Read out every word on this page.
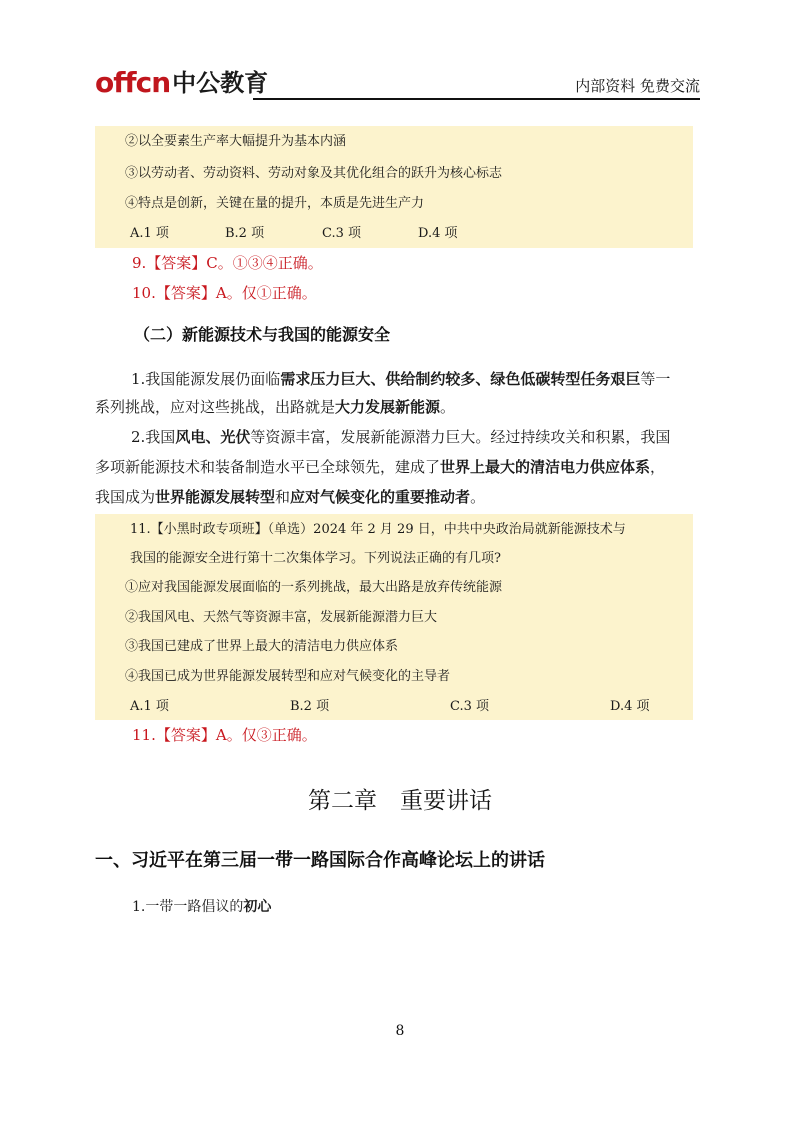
offcn 中公教育	内部资料 免费交流
②以全要素生产率大幅提升为基本内涵
③以劳动者、劳动资料、劳动对象及其优化组合的跃升为核心标志
④特点是创新，关键在量的提升，本质是先进生产力
A.1 项	B.2 项	C.3 项	D.4 项
9.【答案】C。①③④正确。
10.【答案】A。仅①正确。
（二）新能源技术与我国的能源安全
1.我国能源发展仍面临需求压力巨大、供给制约较多、绿色低碳转型任务艰巨等一
系列挑战，应对这些挑战，出路就是大力发展新能源。
2.我国风电、光伏等资源丰富，发展新能源潜力巨大。经过持续攻关和积累，我国
多项新能源技术和装备制造水平已全球领先，建成了世界上最大的清洁电力供应体系，
我国成为世界能源发展转型和应对气候变化的重要推动者。
11.【小黑时政专项班】（单选）2024 年 2 月 29 日，中共中央政治局就新能源技术与
我国的能源安全进行第十二次集体学习。下列说法正确的有几项?
①应对我国能源发展面临的一系列挑战，最大出路是放弃传统能源
②我国风电、天然气等资源丰富，发展新能源潜力巨大
③我国已建成了世界上最大的清洁电力供应体系
④我国已成为世界能源发展转型和应对气候变化的主导者
A.1 项	B.2 项	C.3 项	D.4 项
11.【答案】A。仅③正确。
第二章　重要讲话
一、习近平在第三届一带一路国际合作高峰论坛上的讲话
1.一带一路倡议的初心
8
